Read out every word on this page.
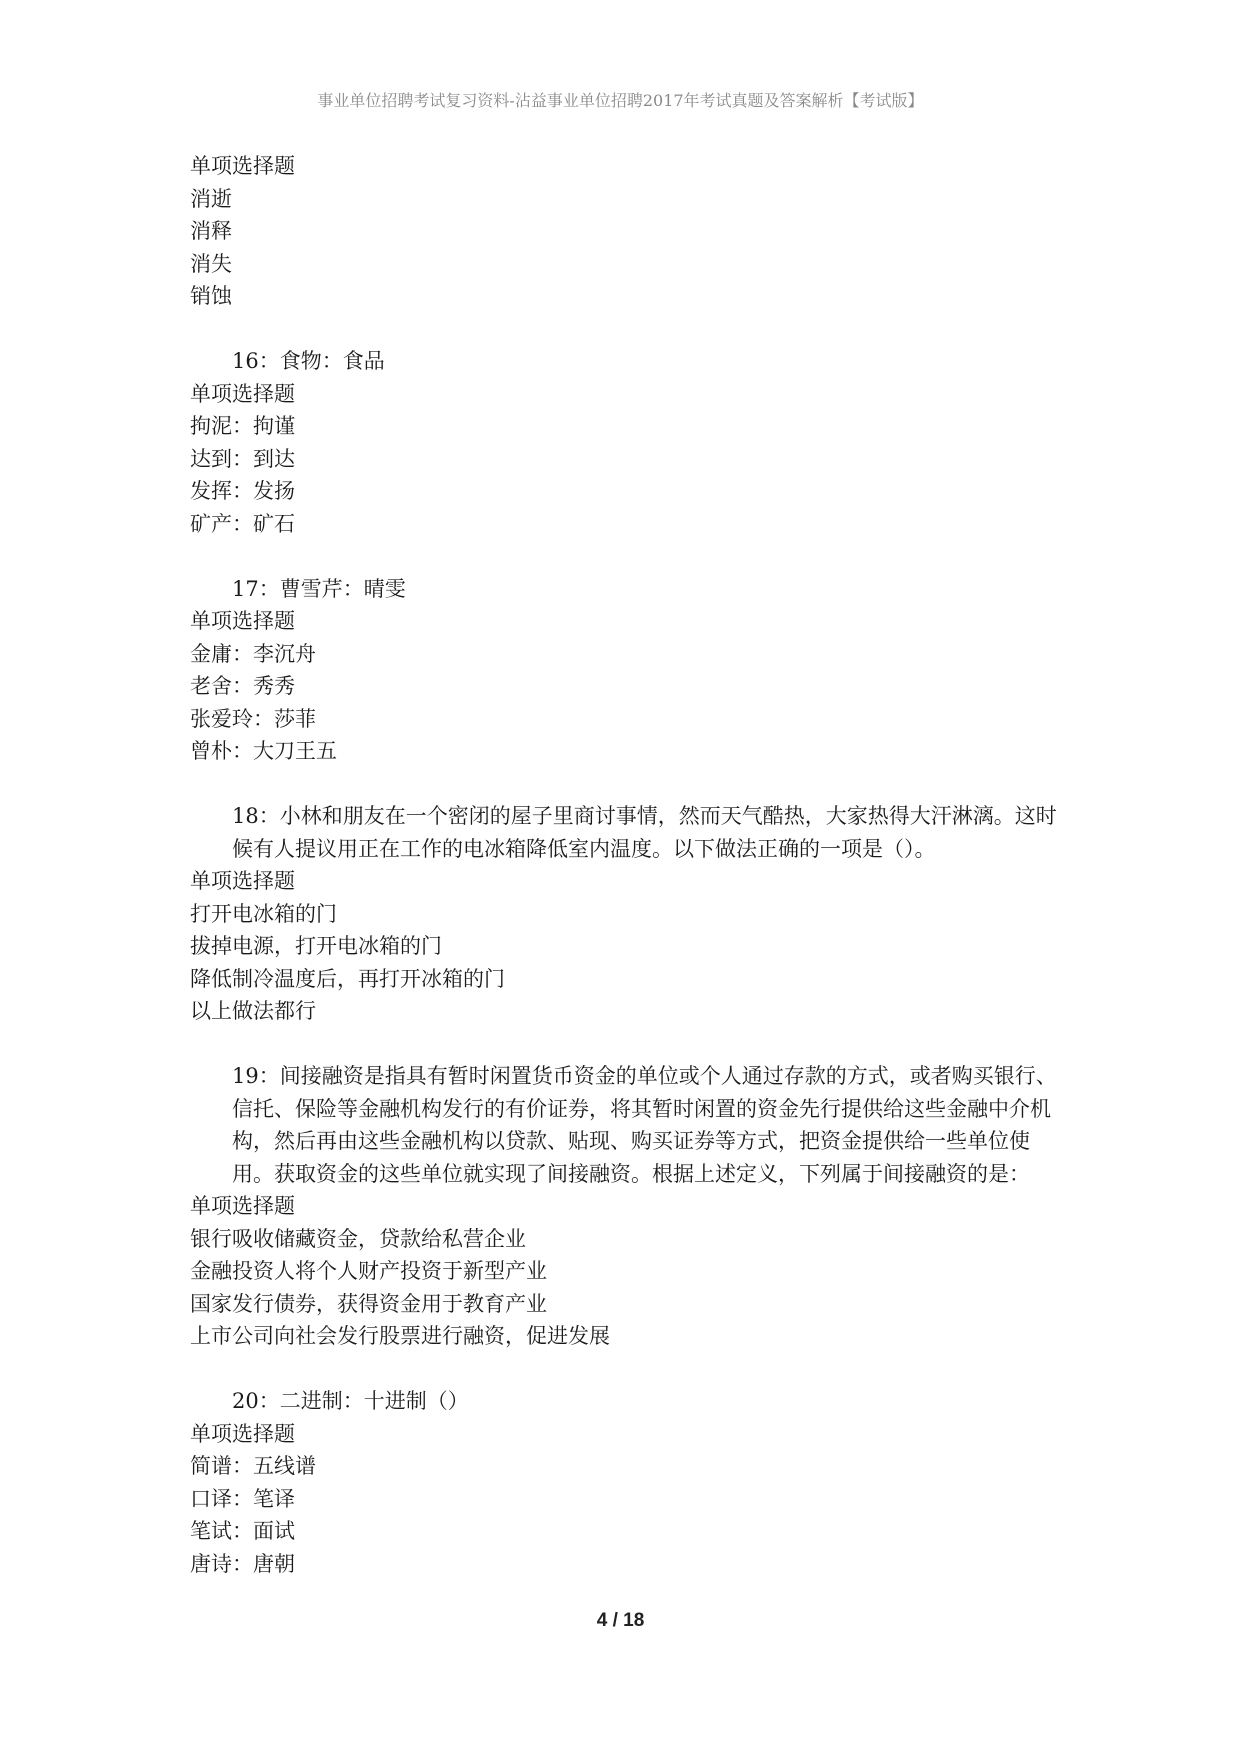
事业单位招聘考试复习资料-沾益事业单位招聘2017年考试真题及答案解析【考试版】
单项选择题
消逝
消释
消失
销蚀
16：食物：食品
单项选择题
拘泥：拘谨
达到：到达
发挥：发扬
矿产：矿石
17：曹雪芹：晴雯
单项选择题
金庸：李沉舟
老舍：秀秀
张爱玲：莎菲
曾朴：大刀王五
18：小林和朋友在一个密闭的屋子里商讨事情，然而天气酷热，大家热得大汗淋漓。这时候有人提议用正在工作的电冰箱降低室内温度。以下做法正确的一项是（）。
单项选择题
打开电冰箱的门
拔掉电源，打开电冰箱的门
降低制冷温度后，再打开冰箱的门
以上做法都行
19：间接融资是指具有暂时闲置货币资金的单位或个人通过存款的方式，或者购买银行、信托、保险等金融机构发行的有价证券，将其暂时闲置的资金先行提供给这些金融中介机构，然后再由这些金融机构以贷款、贴现、购买证券等方式，把资金提供给一些单位使用。获取资金的这些单位就实现了间接融资。根据上述定义，下列属于间接融资的是：
单项选择题
银行吸收储藏资金，贷款给私营企业
金融投资人将个人财产投资于新型产业
国家发行债券，获得资金用于教育产业
上市公司向社会发行股票进行融资，促进发展
20：二进制：十进制（）
单项选择题
简谱：五线谱
口译：笔译
笔试：面试
唐诗：唐朝
4 / 18
